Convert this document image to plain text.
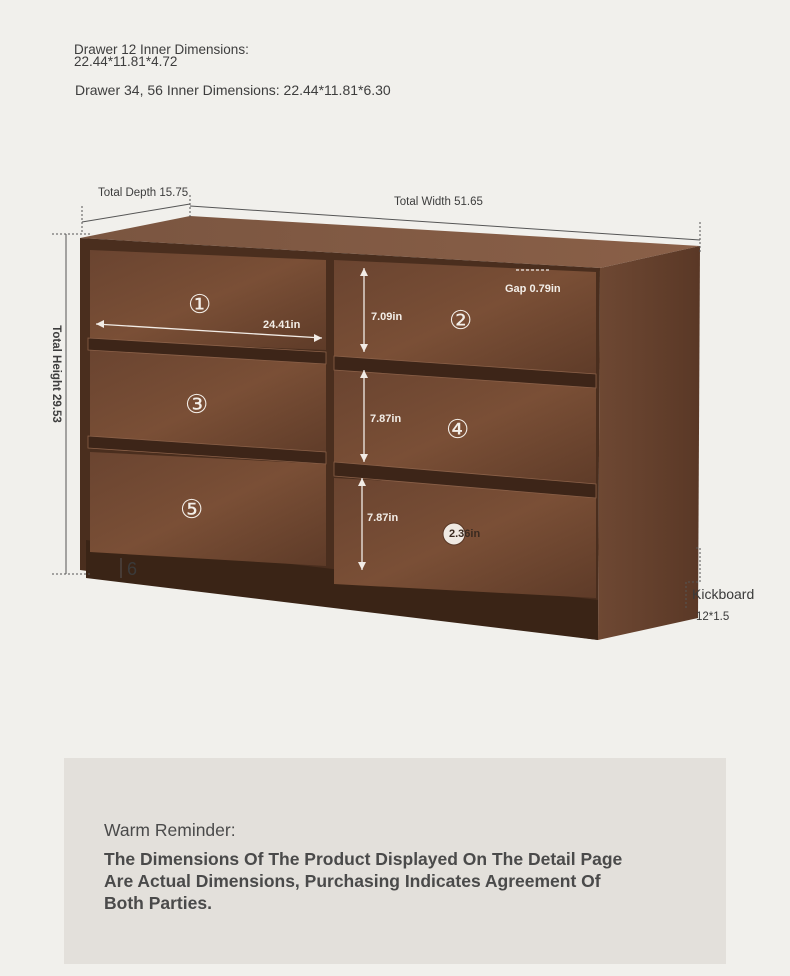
Drawer 12 Inner Dimensions:
22.44*11.81*4.72
Drawer 34, 56 Inner Dimensions: 22.44*11.81*6.30
Total Depth 15.75
Total Width 51.65
Total Height 29.53
Gap 0.79in
24.41in
7.09in
7.87in
7.87in
2.36in
6
Kickboard
12*1.5
①
②
③
④
⑤
Warm Reminder:
The Dimensions Of The Product Displayed On The Detail Page Are Actual Dimensions, Purchasing Indicates Agreement Of Both Parties.
